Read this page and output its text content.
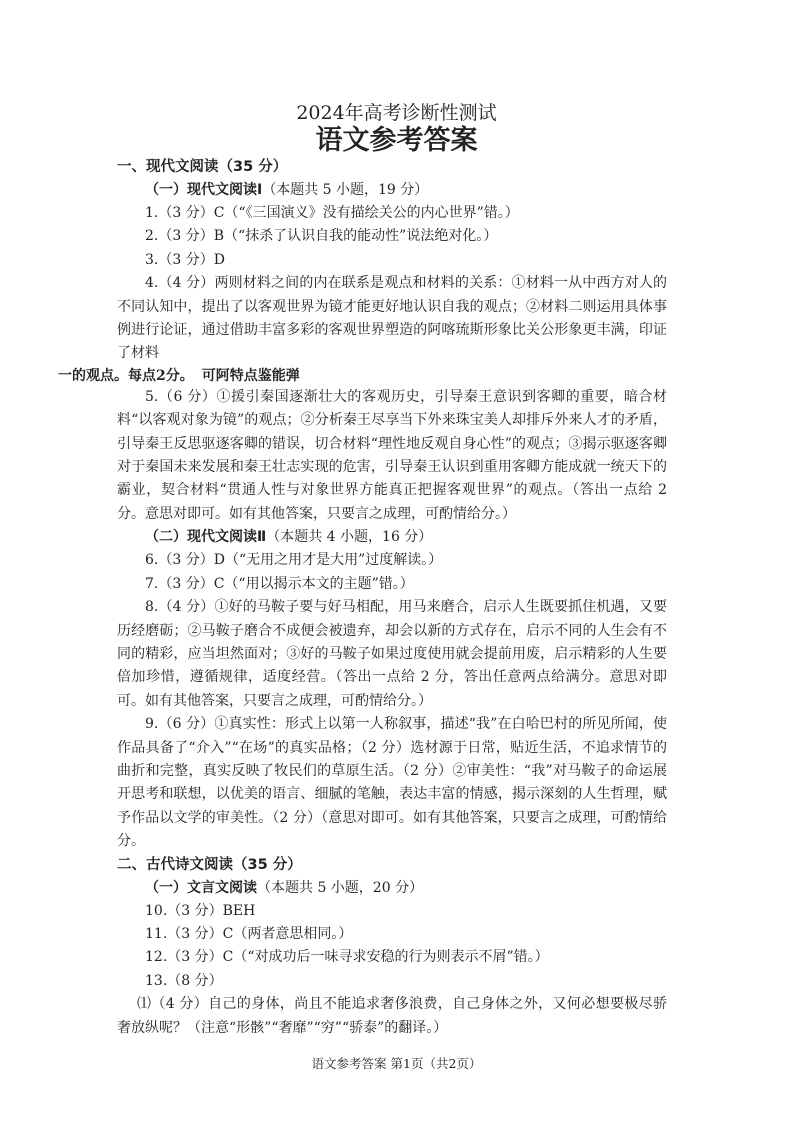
2024年高考诊断性测试
语文参考答案
一、现代文阅读（35 分）
（一）现代文阅读Ⅰ（本题共 5 小题，19 分）

1.（3 分）C（“《三国演义》没有描绘关公的内心世界”错。）

2.（3 分）B（“抹杀了认识自我的能动性”说法绝对化。）

3.（3 分）D

4.（4 分）两则材料之间的内在联系是观点和材料的关系：①材料一从中西方对人的不同认知中，提出了以客观世界为镜才能更好地认识自我的观点；②材料二则运用具体事例进行论证，通过借助丰富多彩的客观世界塑造的阿喀琉斯形象比关公形象更丰满，印证了材料

一的观点。每点2分。 可阿特点鉴能弹

5.（6 分）①援引秦国逐渐壮大的客观历史，引导秦王意识到客卿的重要，暗合材料“以客观对象为镜”的观点；②分析秦王尽享当下外来珠宝美人却排斥外来人才的矛盾，引导秦王反思驱逐客卿的错误，切合材料“理性地反观自身心性”的观点；③揭示驱逐客卿对于秦国未来发展和秦王壮志实现的危害，引导秦王认识到重用客卿方能成就一统天下的霸业，契合材料“贯通人性与对象世界方能真正把握客观世界”的观点。（答出一点给 2 分。意思对即可。如有其他答案，只要言之成理，可酌情给分。）

（二）现代文阅读Ⅱ（本题共 4 小题，16 分）

6.（3 分）D（“无用之用才是大用”过度解读。）

7.（3 分）C（“用以揭示本文的主题”错。）

8.（4 分）①好的马鞍子要与好马相配，用马来磨合，启示人生既要抓住机遇，又要历经磨砺；②马鞍子磨合不成便会被遗弃，却会以新的方式存在，启示不同的人生会有不同的精彩，应当坦然面对；③好的马鞍子如果过度使用就会提前用废，启示精彩的人生要倍加珍惜，遵循规律，适度经营。（答出一点给 2 分，答出任意两点给满分。意思对即可。如有其他答案，只要言之成理，可酌情给分。）

9.（6 分）①真实性：形式上以第一人称叙事，描述“我”在白哈巴村的所见所闻，使作品具备了“介入”“在场”的真实品格；（2 分）选材源于日常，贴近生活，不追求情节的曲折和完整，真实反映了牧民们的草原生活。（2 分）②审美性：“我”对马鞍子的命运展开思考和联想，以优美的语言、细腻的笔触，表达丰富的情感，揭示深刻的人生哲理，赋予作品以文学的审美性。（2 分）（意思对即可。如有其他答案，只要言之成理，可酌情给分。

二、古代诗文阅读（35 分）
（一）文言文阅读（本题共 5 小题，20 分）

10.（3 分）BEH

11.（3 分）C（两者意思相同。）

12.（3 分）C（“对成功后一味寻求安稳的行为则表示不屑”错。）

13.（8 分）

⑴（4 分）自己的身体，尚且不能追求奢侈浪费，自己身体之外，又何必想要极尽骄奢放纵呢？（注意“形骸”“奢靡”“穷”“骄泰”的翻译。）

语文参考答案 第1页（共2页）
